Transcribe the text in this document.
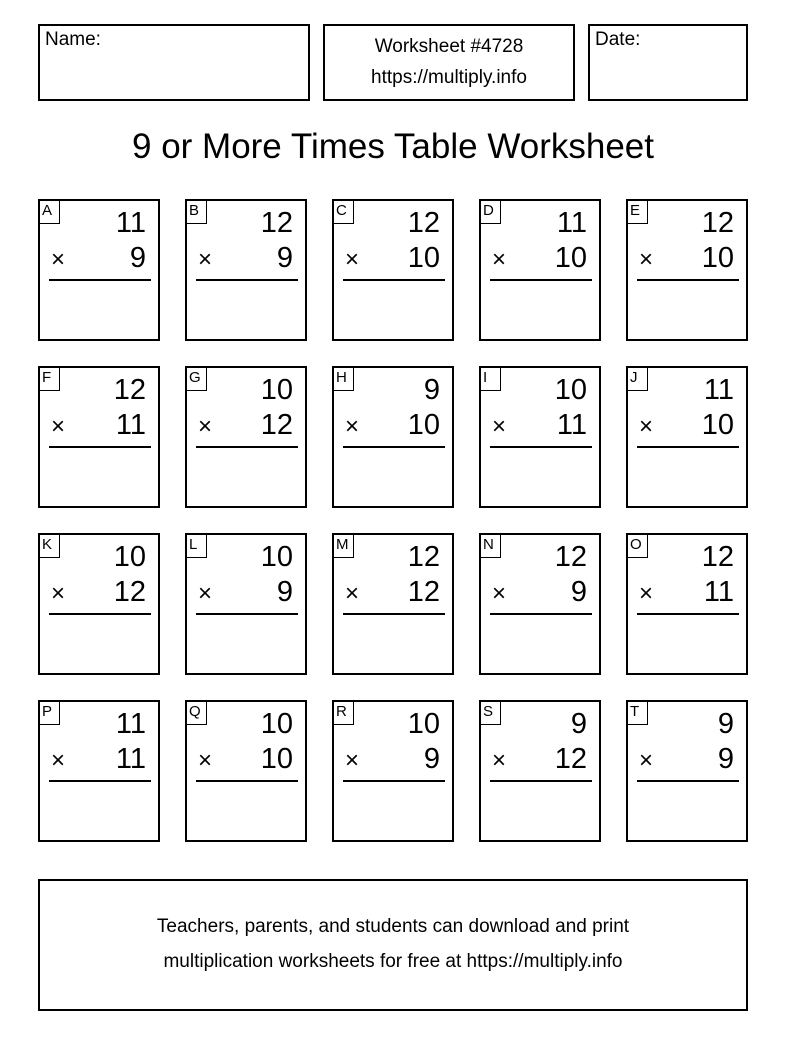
Name:	Worksheet #4728
https://multiply.info
Date:
9 or More Times Table Worksheet
A 11
× 9
B 12
× 9
C 12
× 10
D 11
× 10
E 12
× 10
F	12
× 11
G 10
× 12
H	9
× 10
I	10
× 11
J	11
× 10
K 10
× 12
L	10
× 9
M 12
× 12
N 12
× 9
O 12
× 11
P 11
× 11
Q 10
× 10
R 10
× 9
S	9
× 12
T	9
× 9
Teachers, parents, and students can download and print
multiplication worksheets for free at https://multiply.info
